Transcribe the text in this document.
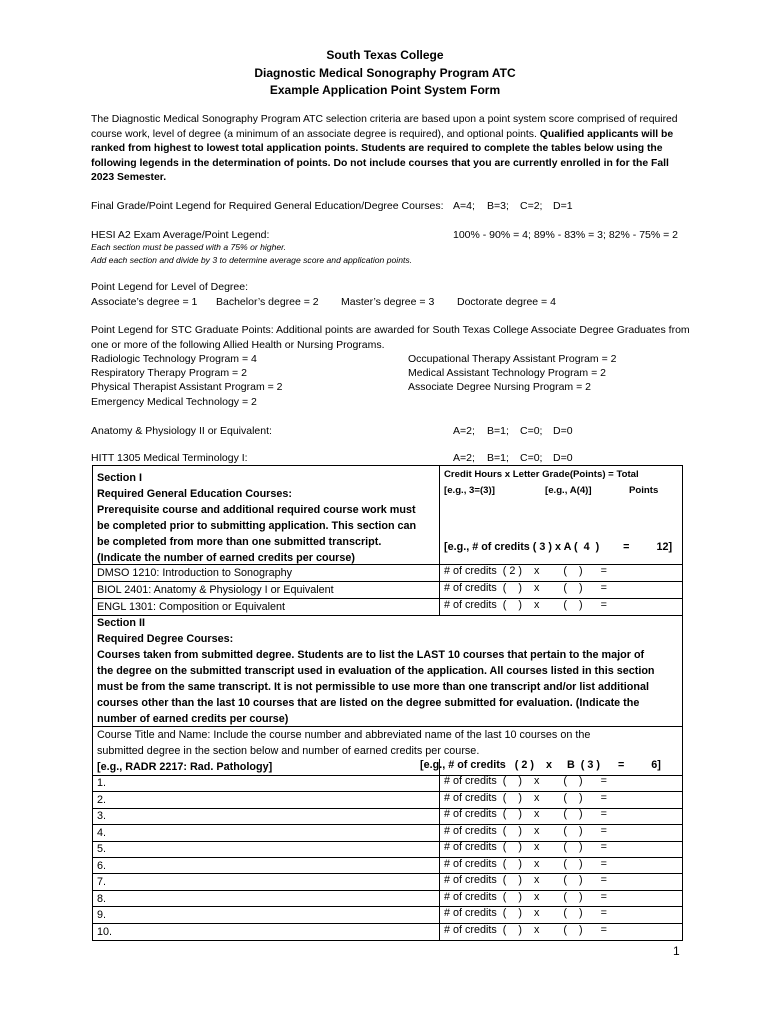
South Texas College
Diagnostic Medical Sonography Program ATC
Example Application Point System Form
The Diagnostic Medical Sonography Program ATC selection criteria are based upon a point system score comprised of required course work, level of degree (a minimum of an associate degree is required), and optional points. Qualified applicants will be ranked from highest to lowest total application points. Students are required to complete the tables below using the following legends in the determination of points. Do not include courses that you are currently enrolled in for the Fall 2023 Semester.
Final Grade/Point Legend for Required General Education/Degree Courses: A=4; B=3; C=2; D=1
HESI A2 Exam Average/Point Legend:	100% - 90% = 4; 89% - 83% = 3; 82% - 75% = 2
Each section must be passed with a 75% or higher.
Add each section and divide by 3 to determine average score and application points.
Point Legend for Level of Degree:
Associate’s degree = 1 Bachelor’s degree = 2 Master’s degree = 3 Doctorate degree = 4
Point Legend for STC Graduate Points: Additional points are awarded for South Texas College Associate Degree Graduates from
one or more of the following Allied Health or Nursing Programs.
Radiologic Technology Program = 4
Respiratory Therapy Program = 2
Physical Therapist Assistant Program = 2
Emergency Medical Technology = 2
Occupational Therapy Assistant Program = 2
Medical Assistant Technology Program = 2
Associate Degree Nursing Program = 2
Anatomy & Physiology II or Equivalent:	A=2; B=1; C=0; D=0
HITT 1305 Medical Terminology I:	A=2; B=1; C=0; D=0
Section I
Required General Education Courses:
Prerequisite course and additional required course work must
be completed prior to submitting application. This section can
be completed from more than one submitted transcript.
(Indicate the number of earned credits per course)
Credit Hours x Letter Grade(Points) = Total
[e.g., 3=(3)]	[e.g., A(4)]	Points
[e.g., # of credits ( 3 ) x A (  4  )        =         12]
DMSO 1210: Introduction to Sonography	# of credits  ( 2 )    x        (    )      =
BIOL 2401: Anatomy & Physiology I or Equivalent	# of credits  (    )    x        (    )      =
ENGL 1301: Composition or Equivalent	# of credits  (    )    x        (    )      =
Section II
Required Degree Courses:
Courses taken from submitted degree. Students are to list the LAST 10 courses that pertain to the major of
the degree on the submitted transcript used in evaluation of the application. All courses listed in this section
must be from the same transcript. It is not permissible to use more than one transcript and/or list additional
courses other than the last 10 courses that are listed on the degree submitted for evaluation. (Indicate the
number of earned credits per course)
Course Title and Name: Include the course number and abbreviated name of the last 10 courses on the
submitted degree in the section below and number of earned credits per course.
[e.g., RADR 2217: Rad. Pathology]	[e.g., # of credits   ( 2 )    x     B  ( 3 )      =         6]
1.	# of credits  (    )    x        (    )      =
2.	# of credits  (    )    x        (    )      =
3.	# of credits  (    )    x        (    )      =
4.	# of credits  (    )    x        (    )      =
5.	# of credits  (    )    x        (    )      =
6.	# of credits  (    )    x        (    )      =
7.	# of credits  (    )    x        (    )      =
8.	# of credits  (    )    x        (    )      =
9.	# of credits  (    )    x        (    )      =
10.	# of credits  (    )    x        (    )      =
1
